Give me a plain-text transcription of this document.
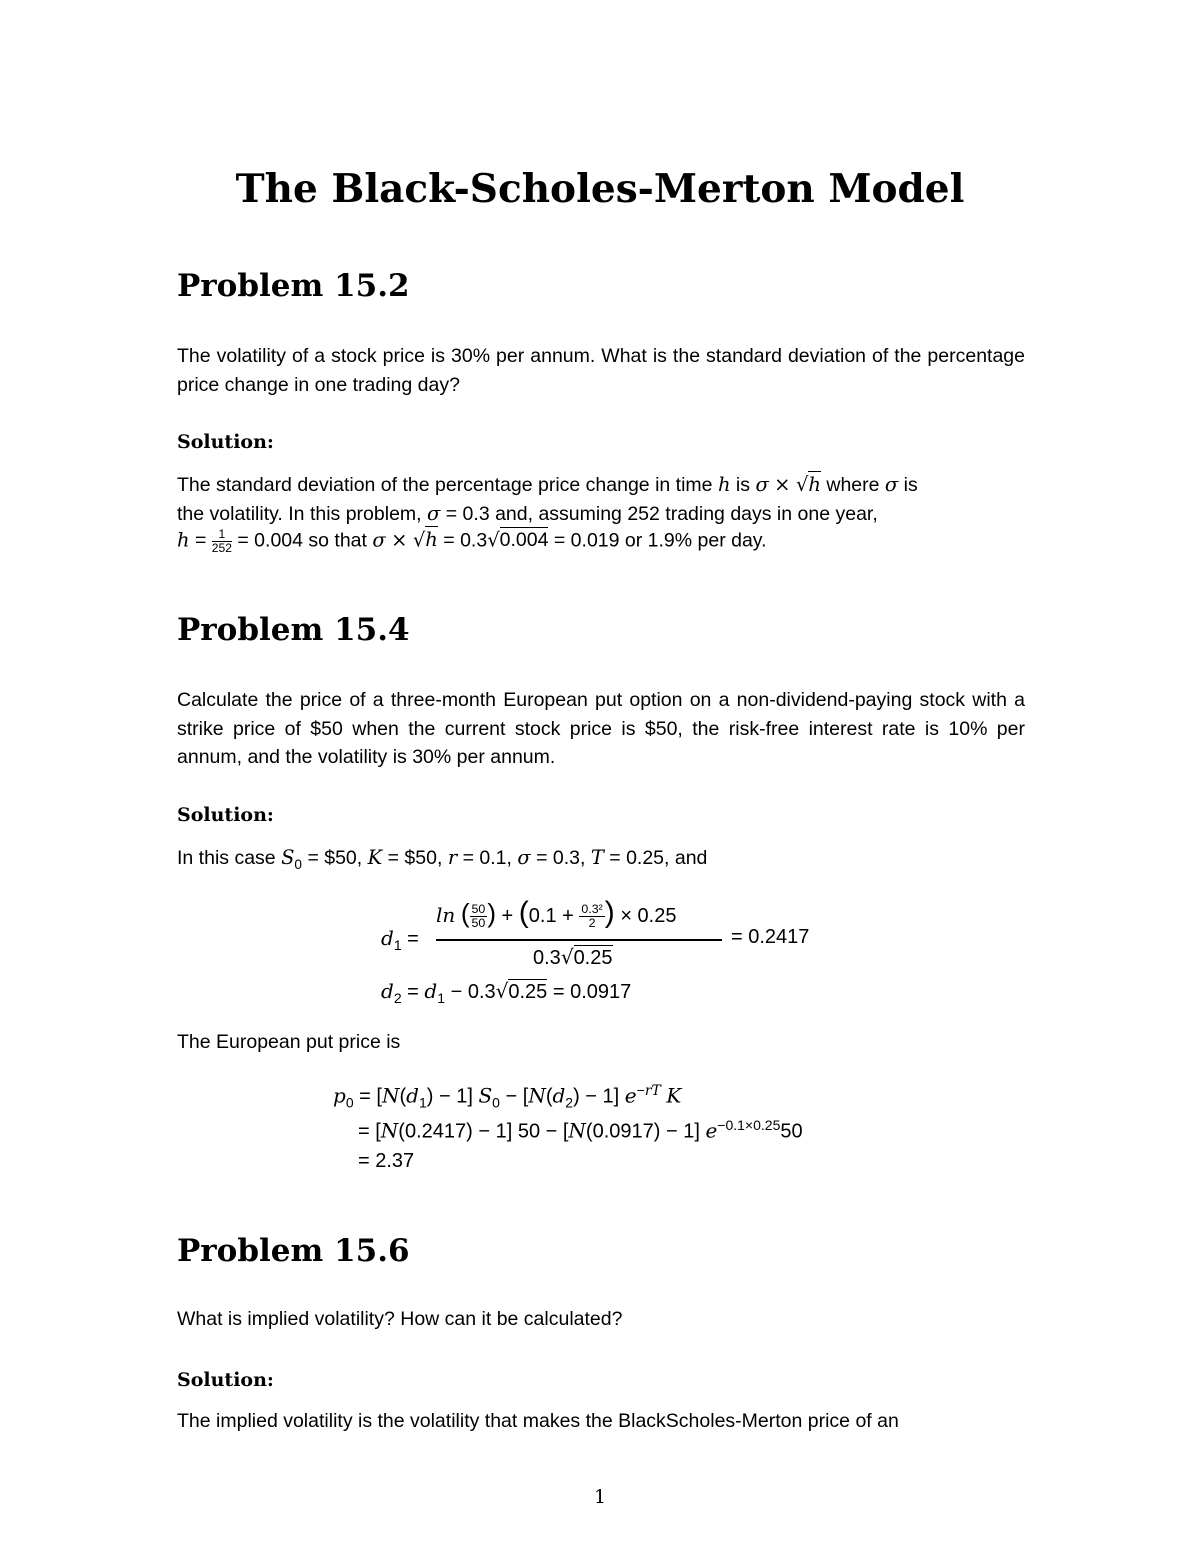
The Black-Scholes-Merton Model
Problem 15.2

The volatility of a stock price is 30% per annum. What is the standard deviation of the percentage price change in one trading day?

Solution:

The standard deviation of the percentage price change in time h is σ × √h where σ is

the volatility. In this problem, σ = 0.3 and, assuming 252 trading days in one year,

$h = \frac{1}{252} = 0.004$ so that σ × √h = 0.3√0.004 = 0.019 or 1.9% per day.

Problem 15.4

Calculate the price of a three-month European put option on a non-dividend-paying stock with a strike price of $50 when the current stock price is $50, the risk-free interest rate is 10% per annum, and the volatility is 30% per annum.

Solution:

In this case $S_0$ = $50, K = $50, r = 0.1, σ = 0.3, T = 0.25, and

$d_1$ =
ln ( $\frac{50}{50}$ ) + ($0.1 + \frac{\text{0.3²}}{2}$ ) × 0.25
0.3√0.25
= 0.2417
$d_2 = d_1 - 0.3√0.25 = 0.0917$

The European put price is

$p_0 = [N(d_1) - 1] S_0 - [N(d_2) - 1]$ $e^{-rT}$ K
= [N(0.2417) − 1] 50 − [N(0.0917) − 1] $e^{-0.1\times 0.25}50$
= 2.37
Problem 15.6

What is implied volatility? How can it be calculated?

Solution:

The implied volatility is the volatility that makes the BlackScholes-Merton price of an

1
